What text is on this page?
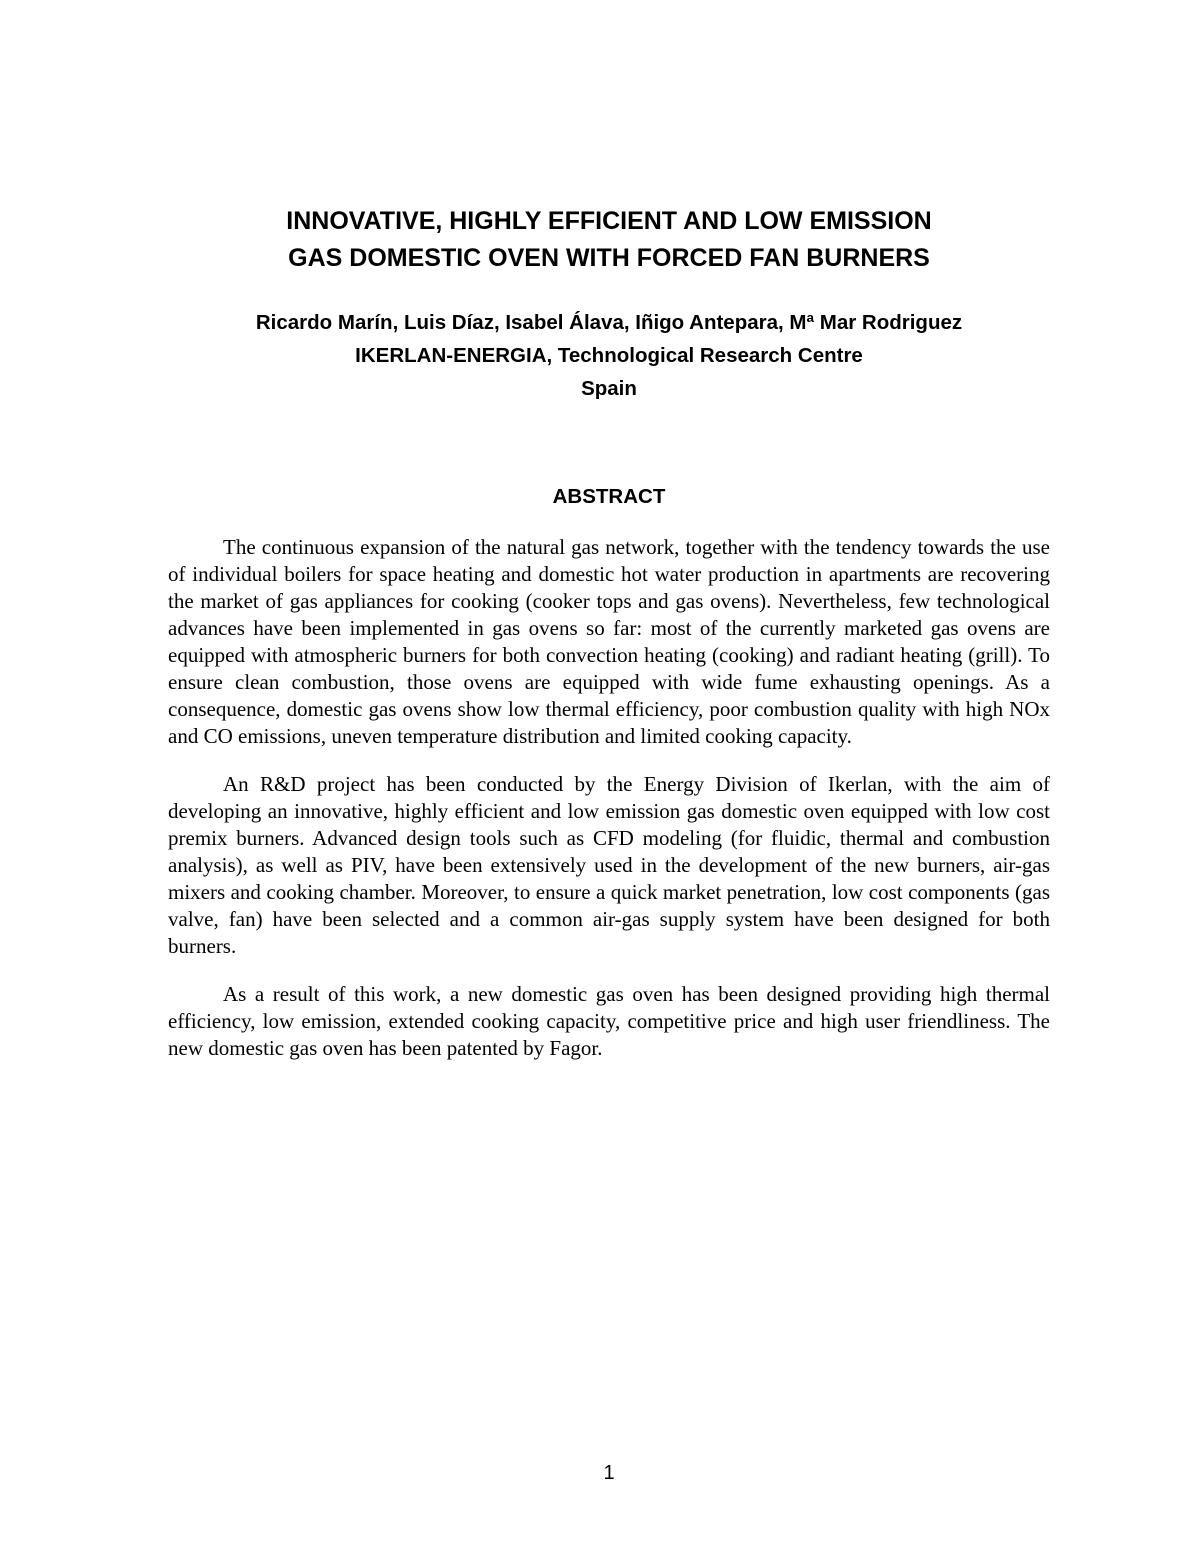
INNOVATIVE, HIGHLY EFFICIENT AND LOW EMISSION
GAS DOMESTIC OVEN WITH FORCED FAN BURNERS
Ricardo Marín, Luis Díaz, Isabel Álava, Iñigo Antepara, Mª Mar Rodriguez
IKERLAN-ENERGIA, Technological Research Centre
Spain
ABSTRACT

The continuous expansion of the natural gas network, together with the tendency towards the use of individual boilers for space heating and domestic hot water production in apartments are recovering the market of gas appliances for cooking (cooker tops and gas ovens). Nevertheless, few technological advances have been implemented in gas ovens so far: most of the currently marketed gas ovens are equipped with atmospheric burners for both convection heating (cooking) and radiant heating (grill). To ensure clean combustion, those ovens are equipped with wide fume exhausting openings. As a consequence, domestic gas ovens show low thermal efficiency, poor combustion quality with high NOx and CO emissions, uneven temperature distribution and limited cooking capacity.

An R&D project has been conducted by the Energy Division of Ikerlan, with the aim of developing an innovative, highly efficient and low emission gas domestic oven equipped with low cost premix burners. Advanced design tools such as CFD modeling (for fluidic, thermal and combustion analysis), as well as PIV, have been extensively used in the development of the new burners, air-gas mixers and cooking chamber. Moreover, to ensure a quick market penetration, low cost components (gas valve, fan) have been selected and a common air-gas supply system have been designed for both burners.

As a result of this work, a new domestic gas oven has been designed providing high thermal efficiency, low emission, extended cooking capacity, competitive price and high user friendliness. The new domestic gas oven has been patented by Fagor.

1
